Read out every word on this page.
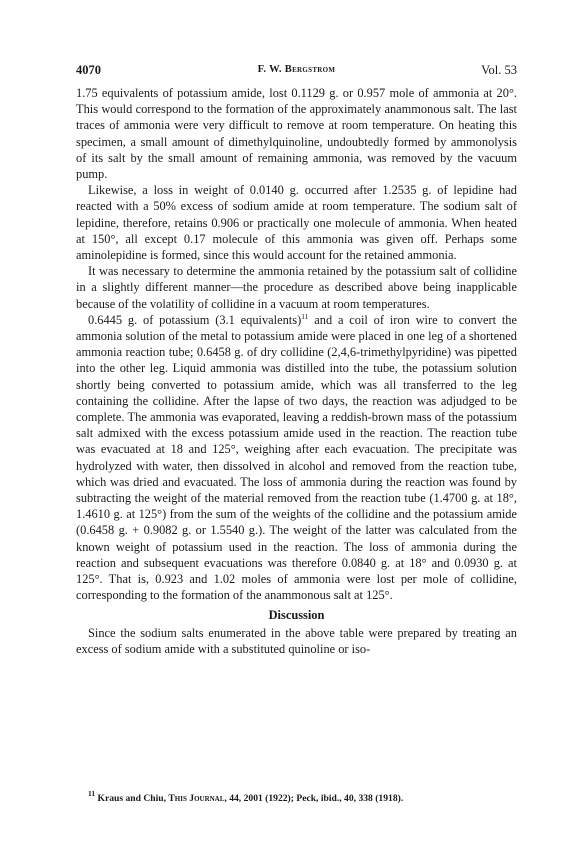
4070	F. W. Bergstrom	Vol. 53

1.75 equivalents of potassium amide, lost 0.1129 g. or 0.957 mole of ammonia at 20°. This would correspond to the formation of the approximately anammonous salt. The last traces of ammonia were very difficult to remove at room temperature. On heating this specimen, a small amount of dimethylquinoline, undoubtedly formed by ammonolysis of its salt by the small amount of remaining ammonia, was removed by the vacuum pump.

Likewise, a loss in weight of 0.0140 g. occurred after 1.2535 g. of lepidine had reacted with a 50% excess of sodium amide at room temperature. The sodium salt of lepidine, therefore, retains 0.906 or practically one molecule of ammonia. When heated at 150°, all except 0.17 molecule of this ammonia was given off. Perhaps some aminolepidine is formed, since this would account for the retained ammonia.

It was necessary to determine the ammonia retained by the potassium salt of collidine in a slightly different manner—the procedure as described above being inapplicable because of the volatility of collidine in a vacuum at room temperatures.

0.6445 g. of potassium (3.1 equivalents)$^{11}$ and a coil of iron wire to convert the ammonia solution of the metal to potassium amide were placed in one leg of a shortened ammonia reaction tube; 0.6458 g. of dry collidine (2,4,6-trimethylpyridine) was pipetted into the other leg. Liquid ammonia was distilled into the tube, the potassium solution shortly being converted to potassium amide, which was all transferred to the leg containing the collidine. After the lapse of two days, the reaction was adjudged to be complete. The ammonia was evaporated, leaving a reddish-brown mass of the potassium salt admixed with the excess potassium amide used in the reaction. The reaction tube was evacuated at 18 and 125°, weighing after each evacuation. The precipitate was hydrolyzed with water, then dissolved in alcohol and removed from the reaction tube, which was dried and evacuated. The loss of ammonia during the reaction was found by subtracting the weight of the material removed from the reaction tube (1.4700 g. at 18°, 1.4610 g. at 125°) from the sum of the weights of the collidine and the potassium amide (0.6458 g. + 0.9082 g. or 1.5540 g.). The weight of the latter was calculated from the known weight of potassium used in the reaction. The loss of ammonia during the reaction and subsequent evacuations was therefore 0.0840 g. at 18° and 0.0930 g. at 125°. That is, 0.923 and 1.02 moles of ammonia were lost per mole of collidine, corresponding to the formation of the anammonous salt at 125°.

Discussion

Since the sodium salts enumerated in the above table were prepared by treating an excess of sodium amide with a substituted quinoline or iso-

$^{11}$ Kraus and Chiu, This Journal, 44, 2001 (1922); Peck, ibid., 40, 338 (1918).
